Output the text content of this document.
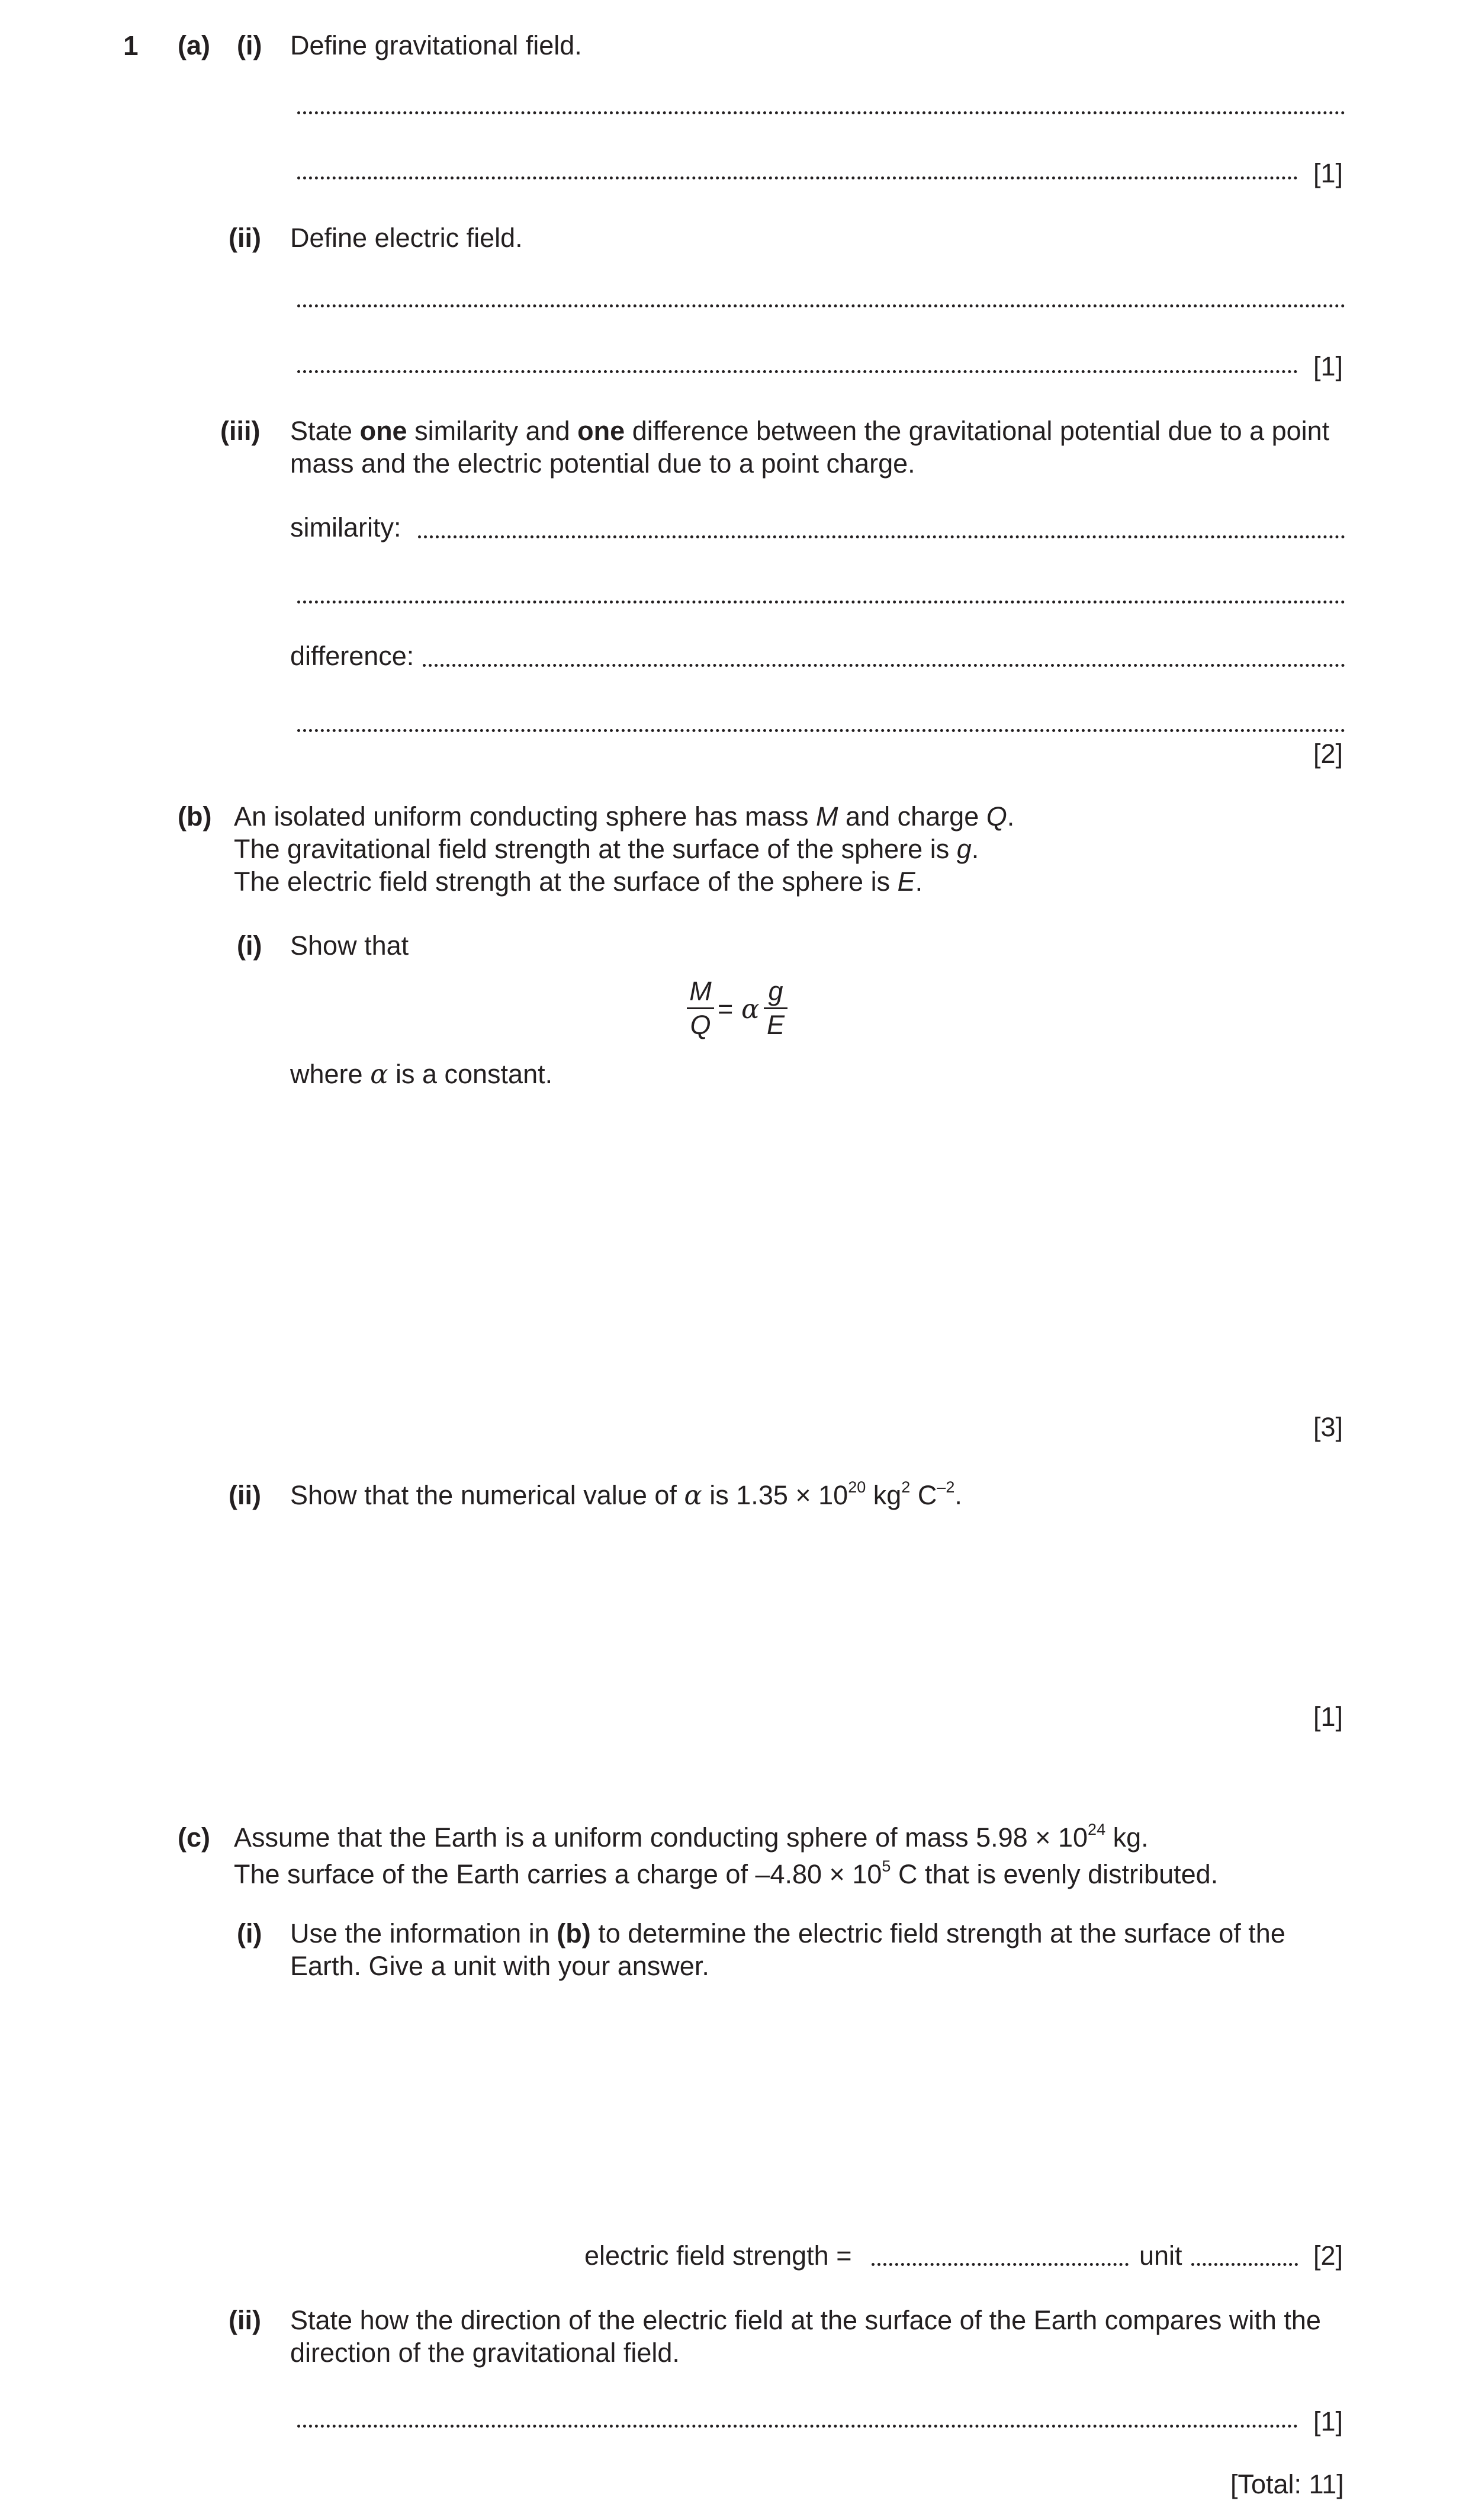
1 (a) (i) Define gravitational field.
[1]
(ii) Define electric field.
[1]
(iii) State one similarity and one difference between the gravitational potential due to a point
mass and the electric potential due to a point charge.
similarity:
difference:
[2]
(b) An isolated uniform conducting sphere has mass M and charge Q.
The gravitational field strength at the surface of the sphere is g.
The electric field strength at the surface of the sphere is E.
(i) Show that
M
Q
= α
g
E
where α is a constant.
[3]
(ii) Show that the numerical value of α is $1.35 \times 10^{20}$ $kg^2$ $C^{-2}$.
[1]
(c) Assume that the Earth is a uniform conducting sphere of mass $5.98 \times 10^{24}$ kg.
The surface of the Earth carries a charge of $-4.80 \times 10^5$ C that is evenly distributed.
(i) Use the information in (b) to determine the electric field strength at the surface of the
Earth. Give a unit with your answer.
electric field strength =	unit	[2]
(ii) State how the direction of the electric field at the surface of the Earth compares with the
direction of the gravitational field.
[1]
[Total: 11]
